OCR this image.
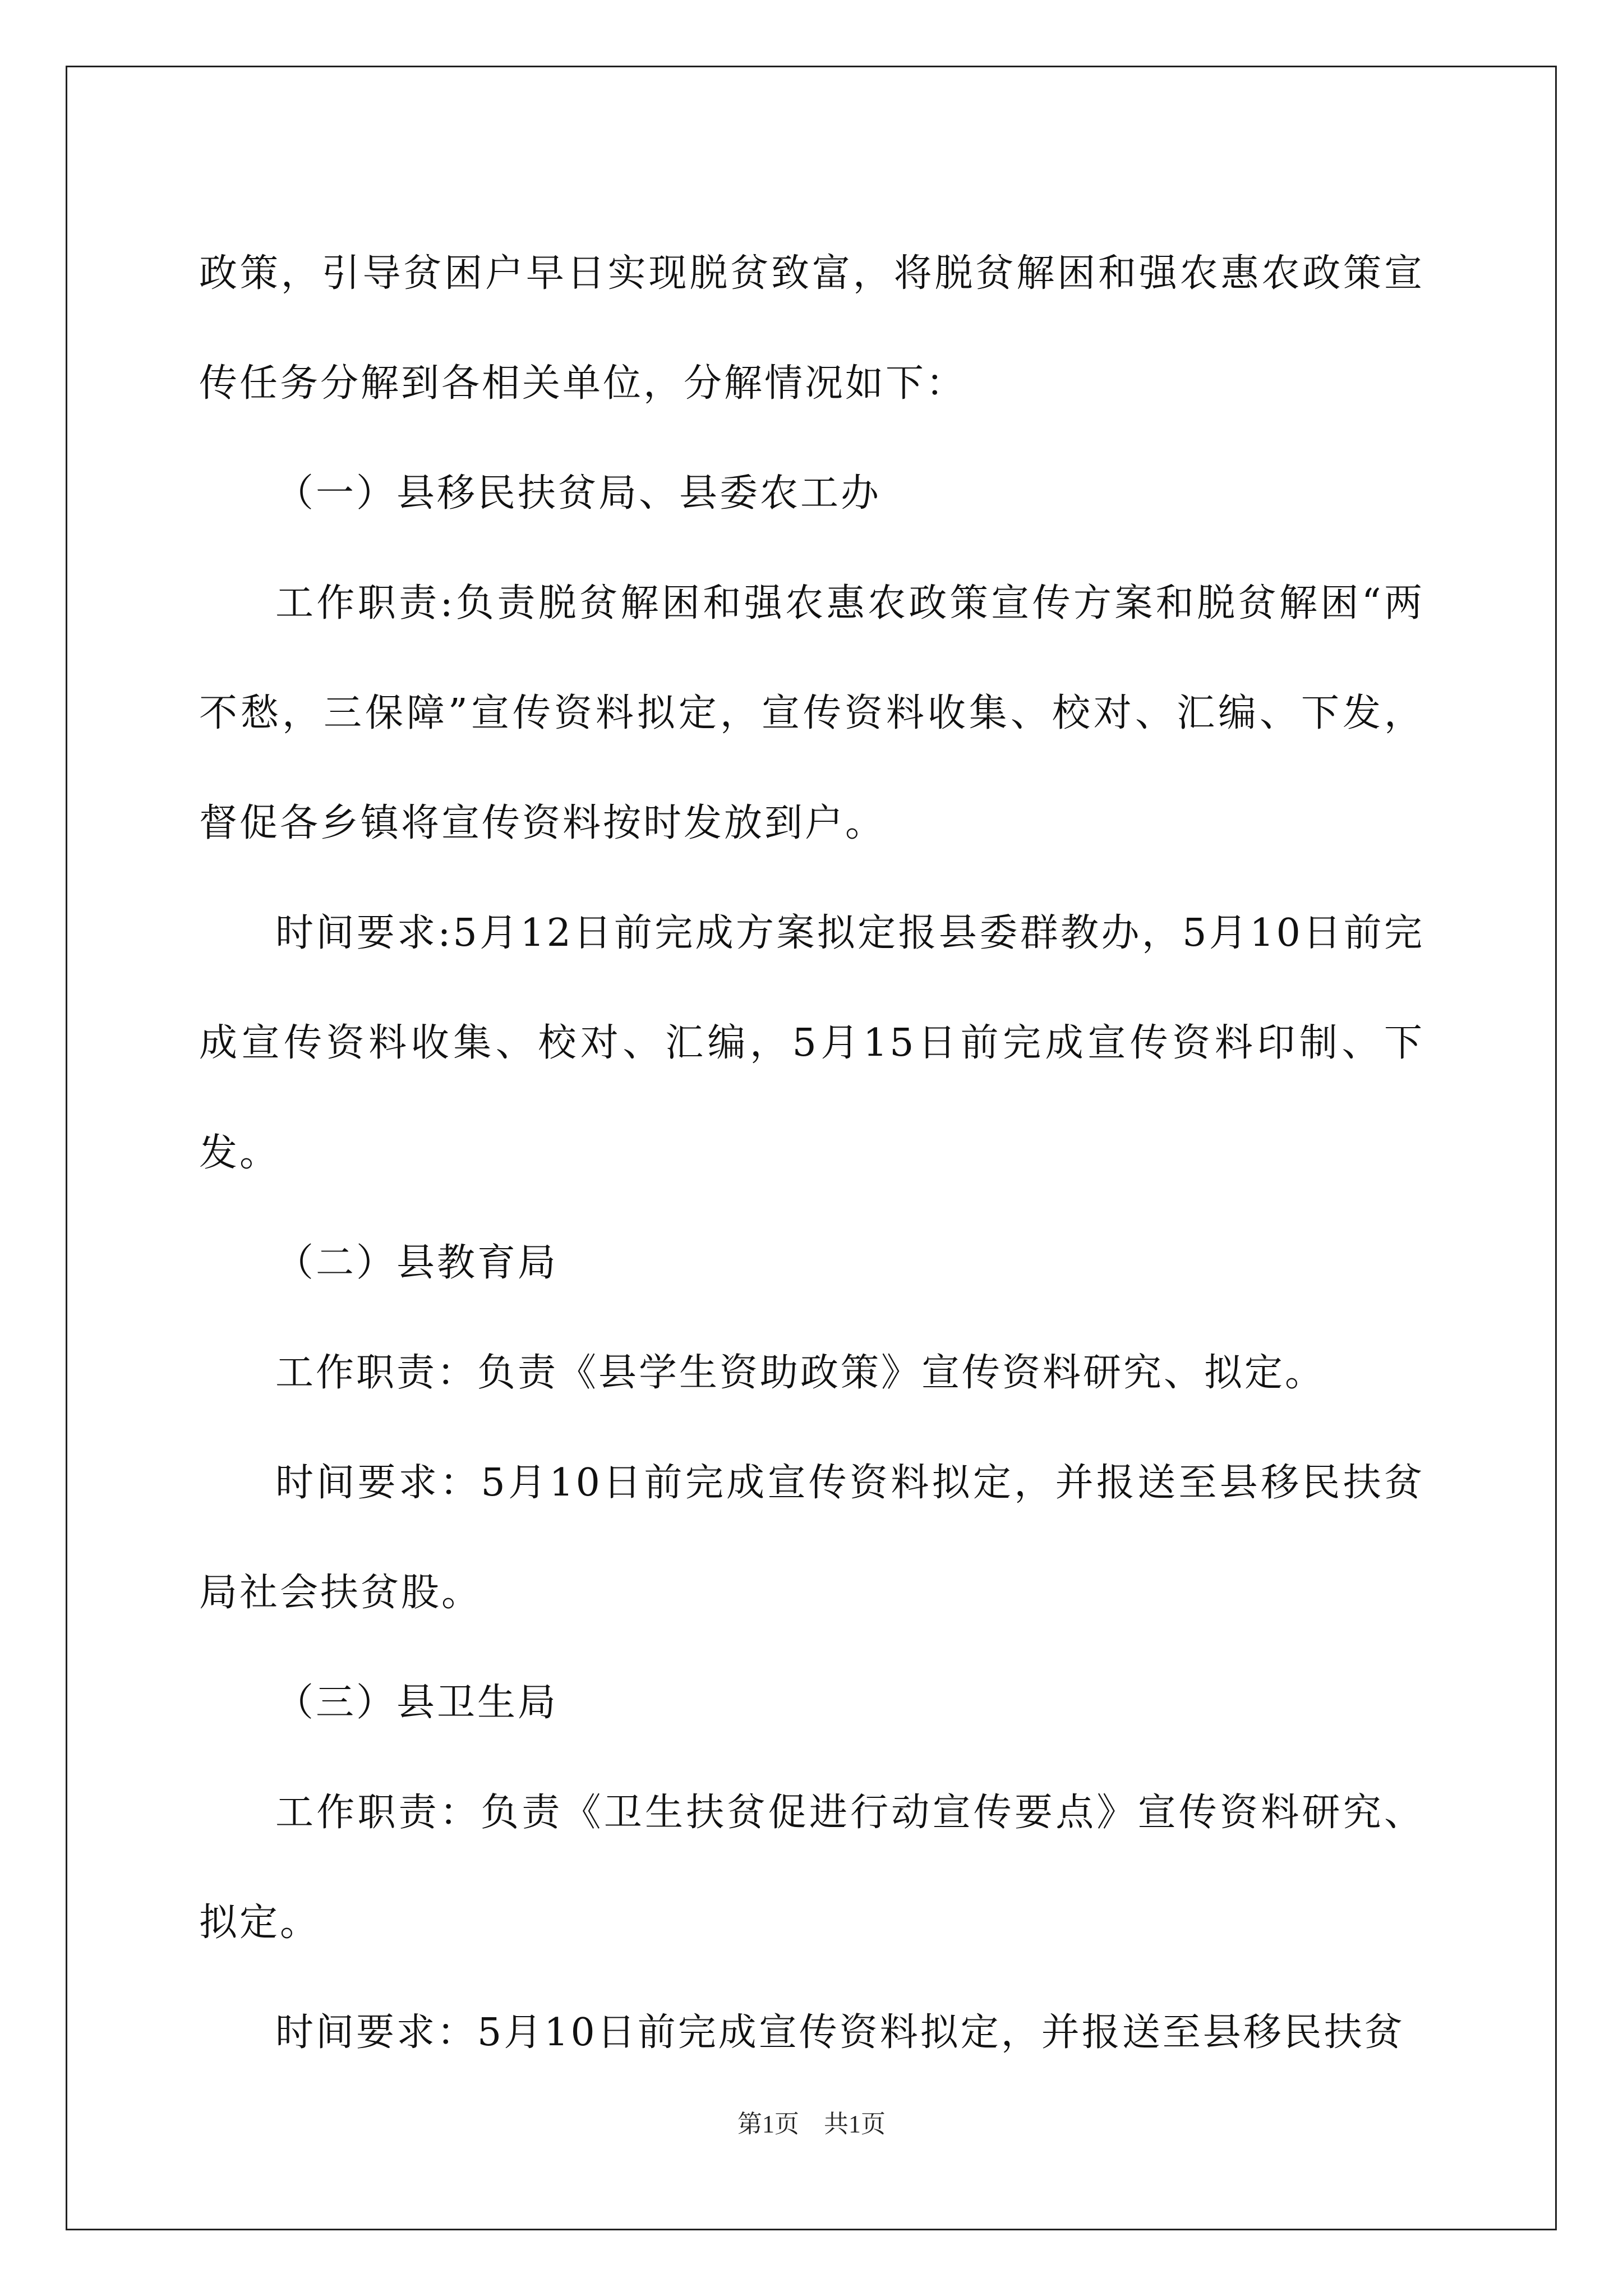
政策，引导贫困户早日实现脱贫致富，将脱贫解困和强农惠农政策宣传任务分解到各相关单位，分解情况如下：

（一）县移民扶贫局、县委农工办

工作职责:负责脱贫解困和强农惠农政策宣传方案和脱贫解困“两不愁，三保障”宣传资料拟定，宣传资料收集、校对、汇编、下发，督促各乡镇将宣传资料按时发放到户。

时间要求:5月12日前完成方案拟定报县委群教办，5月10日前完成宣传资料收集、校对、汇编，5月15日前完成宣传资料印制、下发。

（二）县教育局

工作职责：负责《县学生资助政策》宣传资料研究、拟定。

时间要求：5月10日前完成宣传资料拟定，并报送至县移民扶贫局社会扶贫股。

（三）县卫生局

工作职责：负责《卫生扶贫促进行动宣传要点》宣传资料研究、拟定。

时间要求：5月10日前完成宣传资料拟定，并报送至县移民扶贫

第1页　共1页
